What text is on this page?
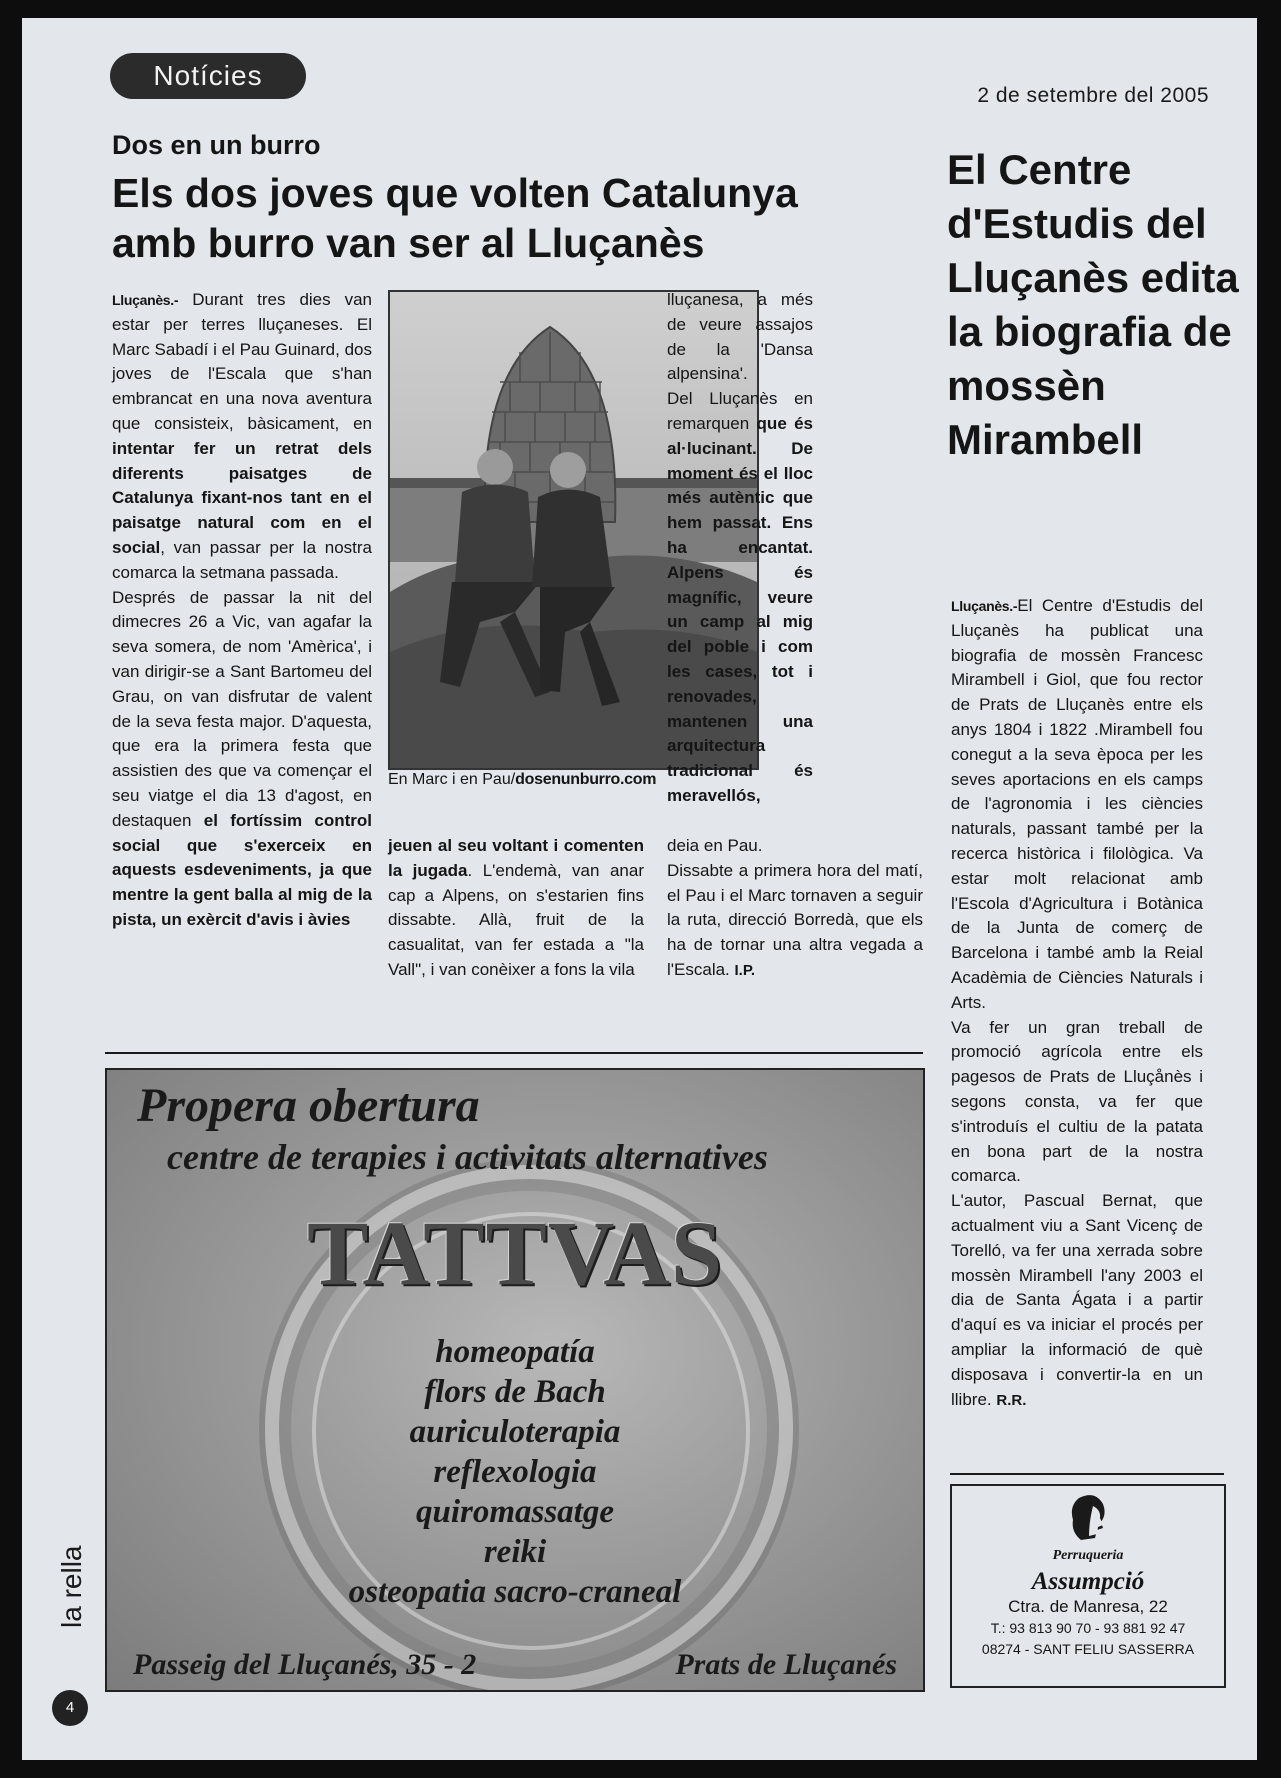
Notícies
2 de setembre del 2005
Dos en un burro
Els dos joves que volten Catalunya amb burro van ser al Lluçanès

Lluçanès.- Durant tres dies van estar per terres lluçaneses. El Marc Sabadí i el Pau Guinard, dos joves de l'Escala que s'han embrancat en una nova aventura que consisteix, bàsicament, en intentar fer un retrat dels diferents paisatges de Catalunya fixant-nos tant en el paisatge natural com en el social, van passar per la nostra comarca la setmana passada.

Després de passar la nit del dimecres 26 a Vic, van agafar la seva somera, de nom 'Amèrica', i van dirigir-se a Sant Bartomeu del Grau, on van disfrutar de valent de la seva festa major. D'aquesta, que era la primera festa que assistien des que va començar el seu viatge el dia 13 d'agost, en destaquen el fortíssim control social que s'exerceix en aquests esdeveniments, ja que mentre la gent balla al mig de la pista, un exèrcit d'avis i àvies

En Marc i en Pau/dosenunburro.com

jeuen al seu voltant i comenten la jugada. L'endemà, van anar cap a Alpens, on s'estarien fins dissabte. Allà, fruit de la casualitat, van fer estada a "la Vall", i van conèixer a fons la vila

lluçanesa, a més de veure assajos de la 'Dansa alpensina'.

Del Lluçanès en remarquen que és al·lucinant. De moment és el lloc més autèntic que hem passat. Ens ha encantat. Alpens és magnífic, veure un camp al mig del poble i com les cases, tot i renovades, mantenen una arquitectura tradicional és meravellós,

deia en Pau.

Dissabte a primera hora del matí, el Pau i el Marc tornaven a seguir la ruta, direcció Borredà, que els ha de tornar una altra vegada a l'Escala. I.P.

El Centre d'Estudis del Lluçanès edita la biografia de mossèn Mirambell

Lluçanès.-El Centre d'Estudis del Lluçanès ha publicat una biografia de mossèn Francesc Mirambell i Giol, que fou rector de Prats de Lluçanès entre els anys 1804 i 1822 .Mirambell fou conegut a la seva època per les seves aportacions en els camps de l'agronomia i les ciències naturals, passant també per la recerca històrica i filològica. Va estar molt relacionat amb l'Escola d'Agricultura i Botànica de la Junta de comerç de Barcelona i també amb la Reial Acadèmia de Ciències Naturals i Arts.

Va fer un gran treball de promoció agrícola entre els pagesos de Prats de Lluçånès i segons consta, va fer que s'introduís el cultiu de la patata en bona part de la nostra comarca.

L'autor, Pascual Bernat, que actualment viu a Sant Vicenç de Torelló, va fer una xerrada sobre mossèn Mirambell l'any 2003 el dia de Santa Ágata i a partir d'aquí es va iniciar el procés per ampliar la informació de què disposava i convertir-la en un llibre. R.R.

Propera obertura
centre de terapies i activitats alternatives
TATTVAS
homeopatía
flors de Bach
auriculoterapia
reflexologia
quiromassatge
reiki
osteopatia sacro-craneal
Passeig del Lluçanés, 35 - 2	Prats de Lluçanés
Perruqueria
Assumpció
Ctra. de Manresa, 22
T.: 93 813 90 70 - 93 881 92 47
08274 - SANT FELIU SASSERRA
la rella
4
